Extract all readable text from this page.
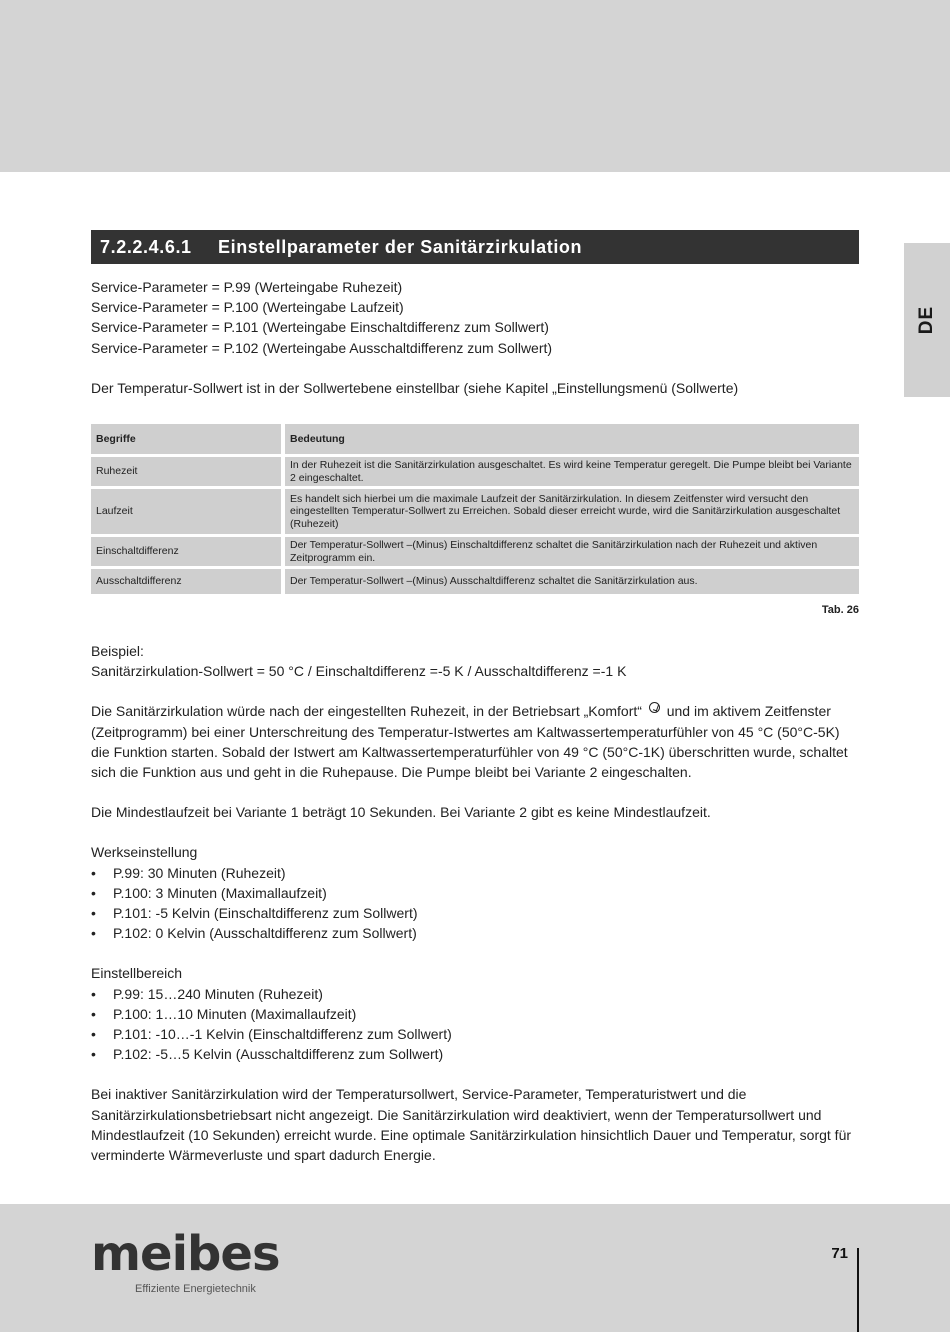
DE
7.2.2.4.6.1	Einstellparameter der Sanitärzirkulation

Service-Parameter = P.99 (Werteingabe Ruhezeit)

Service-Parameter = P.100 (Werteingabe Laufzeit)

Service-Parameter = P.101 (Werteingabe Einschaltdifferenz zum Sollwert)

Service-Parameter = P.102 (Werteingabe Ausschaltdifferenz zum Sollwert)

Der Temperatur-Sollwert ist in der Sollwertebene einstellbar (siehe Kapitel „Einstellungsmenü (Sollwerte)

Begriffe	Bedeutung
Ruhezeit	In der Ruhezeit ist die Sanitärzirkulation ausgeschaltet. Es wird keine Temperatur geregelt. Die Pumpe bleibt bei Variante 2 eingeschaltet.
Laufzeit	Es handelt sich hierbei um die maximale Laufzeit der Sanitärzirkulation. In diesem Zeitfenster wird versucht den eingestellten Temperatur-Sollwert zu Erreichen. Sobald dieser erreicht wurde, wird die Sanitärzirkulation ausgeschaltet (Ruhezeit)
Einschaltdifferenz	Der Temperatur-Sollwert –(Minus) Einschaltdifferenz schaltet die Sanitärzirkulation nach der Ruhezeit und aktiven Zeitprogramm ein.
Ausschaltdifferenz	Der Temperatur-Sollwert –(Minus) Ausschaltdifferenz schaltet die Sanitärzirkulation aus.
Tab. 26

Beispiel:

Sanitärzirkulation-Sollwert = 50 °C / Einschaltdifferenz =-5 K / Ausschaltdifferenz =-1 K

Die Sanitärzirkulation würde nach der eingestellten Ruhezeit, in der Betriebsart „Komfort“ und im aktivem Zeitfenster (Zeitprogramm) bei einer Unterschreitung des Temperatur-Istwertes am Kaltwassertemperaturfühler von 45 °C (50°C-5K) die Funktion starten. Sobald der Istwert am Kaltwassertemperaturfühler von 49 °C (50°C-1K) überschritten wurde, schaltet sich die Funktion aus und geht in die Ruhepause. Die Pumpe bleibt bei Variante 2 eingeschalten.

Die Mindestlaufzeit bei Variante 1 beträgt 10 Sekunden. Bei Variante 2 gibt es keine Mindestlaufzeit.

Werkseinstellung

• P.99: 30 Minuten (Ruhezeit)
• P.100: 3 Minuten (Maximallaufzeit)
• P.101: -5 Kelvin (Einschaltdifferenz zum Sollwert)
• P.102: 0 Kelvin (Ausschaltdifferenz zum Sollwert)

Einstellbereich

• P.99: 15…240 Minuten (Ruhezeit)
• P.100: 1…10 Minuten (Maximallaufzeit)
• P.101: -10…-1 Kelvin (Einschaltdifferenz zum Sollwert)
• P.102: -5…5 Kelvin (Ausschaltdifferenz zum Sollwert)

Bei inaktiver Sanitärzirkulation wird der Temperatursollwert, Service-Parameter, Temperaturistwert und die Sanitärzirkulationsbetriebsart nicht angezeigt. Die Sanitärzirkulation wird deaktiviert, wenn der Temperatursollwert und Mindestlaufzeit (10 Sekunden) erreicht wurde. Eine optimale Sanitärzirkulation hinsichtlich Dauer und Temperatur, sorgt für verminderte Wärmeverluste und spart dadurch Energie.

meibes
Effiziente Energietechnik
71
